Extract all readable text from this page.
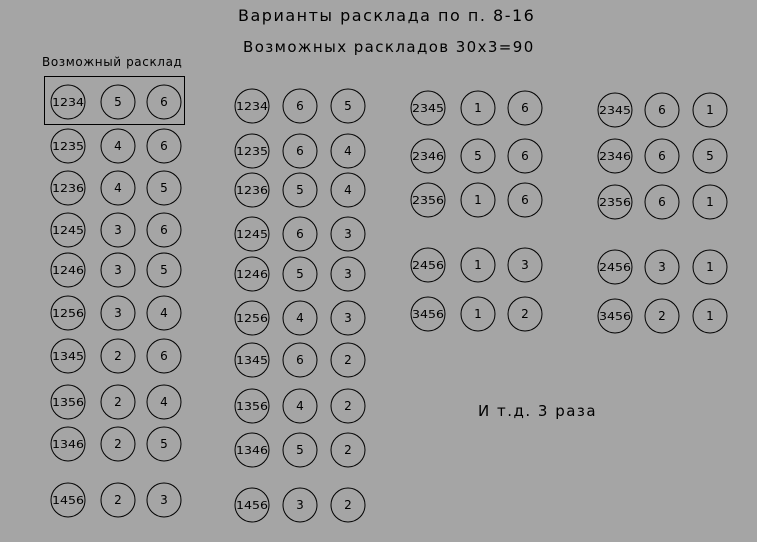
Варианты расклада по п. 8-16
Возможных раскладов 30х3=90
Возможный расклад
1234	5	6
1235	4	6
1236	4	5
1245	3	6
1246	3	5
1256	3	4
1345	2	6
1356	2	4
1346	2	5
1456	2	3
1234 6	5
1235 6	4
1236 5	4
1245 6	3
1246 5	3
1256 4	3
1345 6	2
1356 4	2
1346 5	2
1456 3	2
2345	1	6
2346	5	6
2356	1	6
2456	1	3
3456	1	2
2345 6	1
2346 6	5
2356 6	1
2456 3	1
3456 2	1
И т.д. 3 раза
